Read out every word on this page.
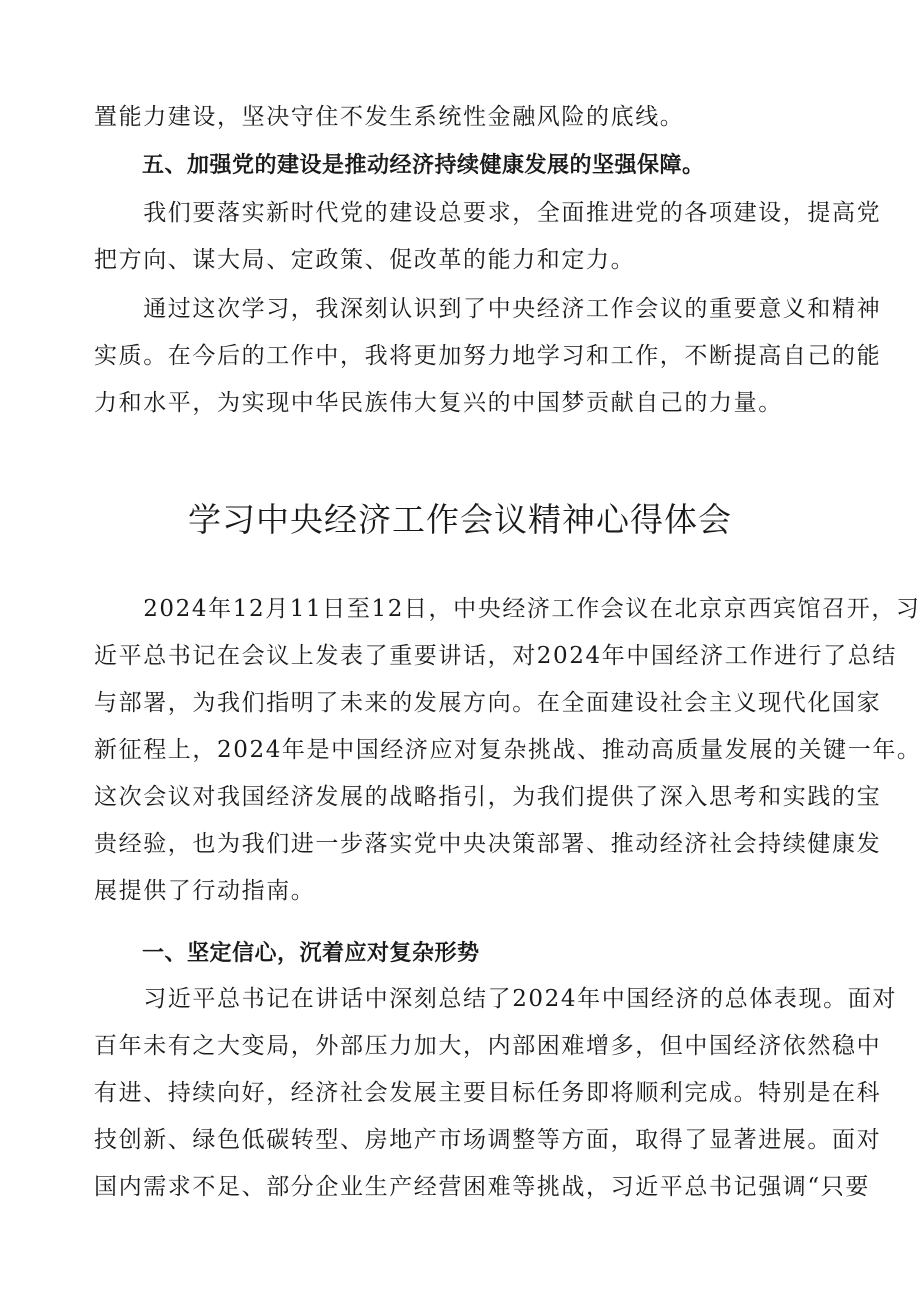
置能力建设，坚决守住不发生系统性金融风险的底线。

五、加强党的建设是推动经济持续健康发展的坚强保障。

　　我们要落实新时代党的建设总要求，全面推进党的各项建设，提高党
把方向、谋大局、定政策、促改革的能力和定力。

　　通过这次学习，我深刻认识到了中央经济工作会议的重要意义和精神
实质。在今后的工作中，我将更加努力地学习和工作，不断提高自己的能
力和水平，为实现中华民族伟大复兴的中国梦贡献自己的力量。

学习中央经济工作会议精神心得体会

　　2024年12月11日至12日，中央经济工作会议在北京京西宾馆召开，习
近平总书记在会议上发表了重要讲话，对2024年中国经济工作进行了总结
与部署，为我们指明了未来的发展方向。在全面建设社会主义现代化国家
新征程上，2024年是中国经济应对复杂挑战、推动高质量发展的关键一年。
这次会议对我国经济发展的战略指引，为我们提供了深入思考和实践的宝
贵经验，也为我们进一步落实党中央决策部署、推动经济社会持续健康发
展提供了行动指南。

一、坚定信心，沉着应对复杂形势

　　习近平总书记在讲话中深刻总结了2024年中国经济的总体表现。面对
百年未有之大变局，外部压力加大，内部困难增多，但中国经济依然稳中
有进、持续向好，经济社会发展主要目标任务即将顺利完成。特别是在科
技创新、绿色低碳转型、房地产市场调整等方面，取得了显著进展。面对
国内需求不足、部分企业生产经营困难等挑战，习近平总书记强调“只要
